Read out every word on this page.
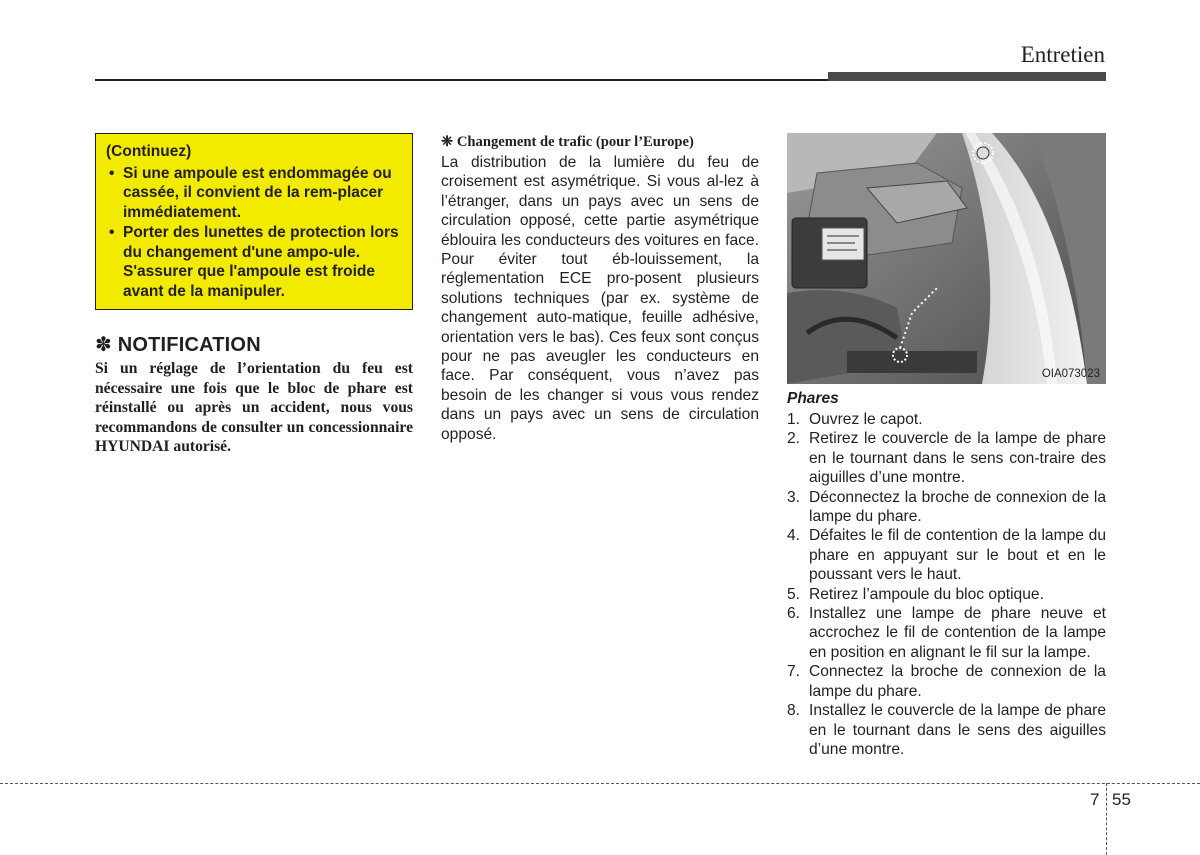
Entretien
(Continuez)
• Si une ampoule est endommagée ou cassée, il convient de la rem-placer immédiatement.
• Porter des lunettes de protection lors du changement d'une ampo-ule. S'assurer que l'ampoule est froide avant de la manipuler.
✽ NOTIFICATION
Si un réglage de l’orientation du feu est nécessaire une fois que le bloc de phare est réinstallé ou après un accident, nous vous recommandons de consulter un concessionnaire HYUNDAI autorisé.
❈ Changement de trafic (pour l’Europe)
La distribution de la lumière du feu de croisement est asymétrique. Si vous al-lez à l’étranger, dans un pays avec un sens de circulation opposé, cette partie asymétrique éblouira les conducteurs des voitures en face. Pour éviter tout éb-louissement, la réglementation ECE pro-posent plusieurs solutions techniques (par ex. système de changement auto-matique, feuille adhésive, orientation vers le bas). Ces feux sont conçus pour ne pas aveugler les conducteurs en face. Par conséquent, vous n’avez pas besoin de les changer si vous vous rendez dans un pays avec un sens de circulation opposé.
OIA073023
Phares
1. Ouvrez le capot.
2. Retirez le couvercle de la lampe de phare en le tournant dans le sens con-traire des aiguilles d’une montre.
3. Déconnectez la broche de connexion de la lampe du phare.
4. Défaites le fil de contention de la lampe du phare en appuyant sur le bout et en le poussant vers le haut.
5. Retirez l’ampoule du bloc optique.
6. Installez une lampe de phare neuve et accrochez le fil de contention de la lampe en position en alignant le fil sur la lampe.
7. Connectez la broche de connexion de la lampe du phare.
8. Installez le couvercle de la lampe de phare en le tournant dans le sens des aiguilles d’une montre.
7 55
